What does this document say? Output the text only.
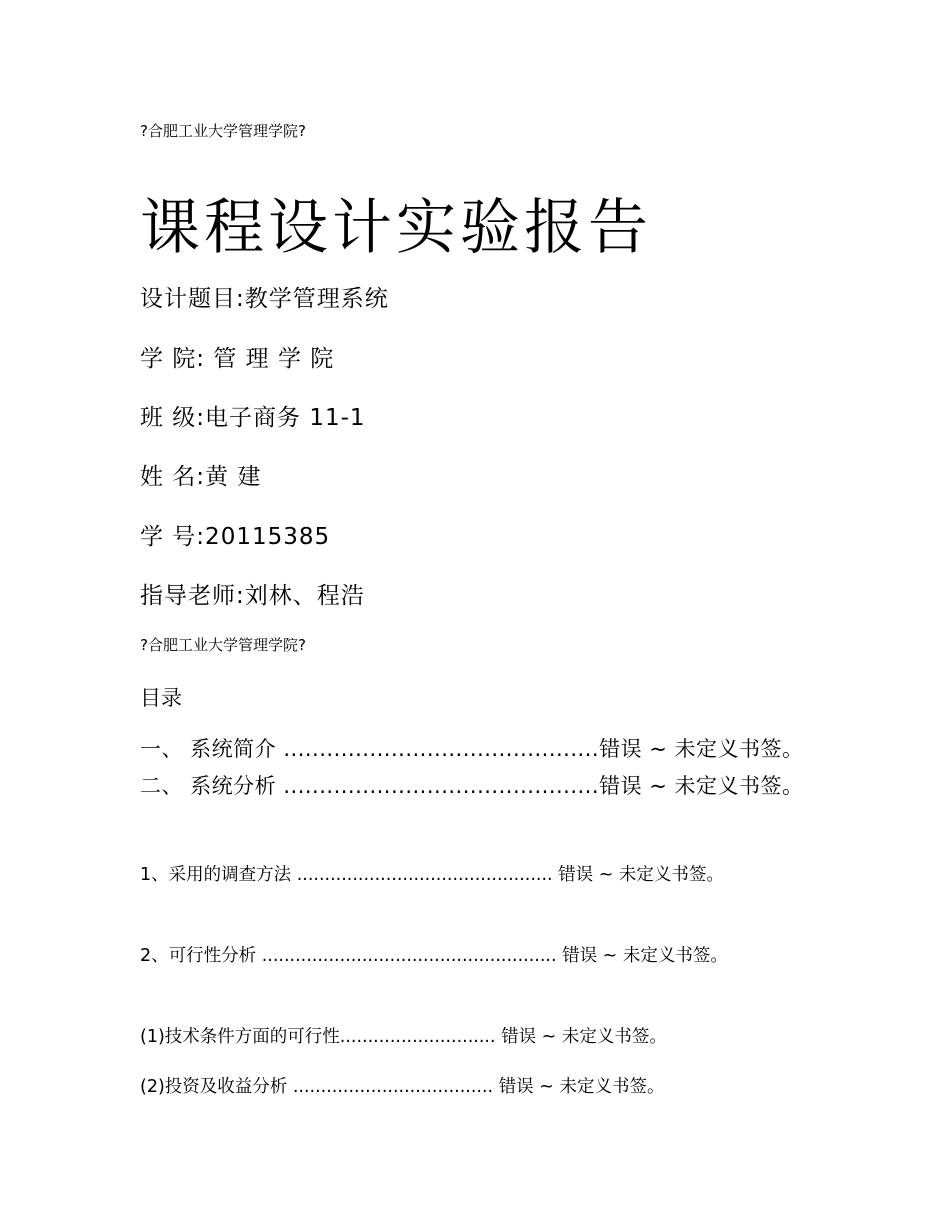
?合肥工业大学管理学院?

课程设计实验报告

设计题目:教学管理系统

学 院: 管 理 学 院

班 级:电子商务 11-1

姓 名:黄 建

学 号:20115385

指导老师:刘林、程浩

?合肥工业大学管理学院?

目录

一、 系统简介 ............................................错误 ~ 未定义书签。 二、 系统分析 ............................................错误 ~ 未定义书签。

1、采用的调查方法 .............................................. 错误 ~ 未定义书签。

2、可行性分析 ..................................................... 错误 ~ 未定义书签。

(1)技术条件方面的可行性............................ 错误 ~ 未定义书签。

(2)投资及收益分析 .................................... 错误 ~ 未定义书签。
